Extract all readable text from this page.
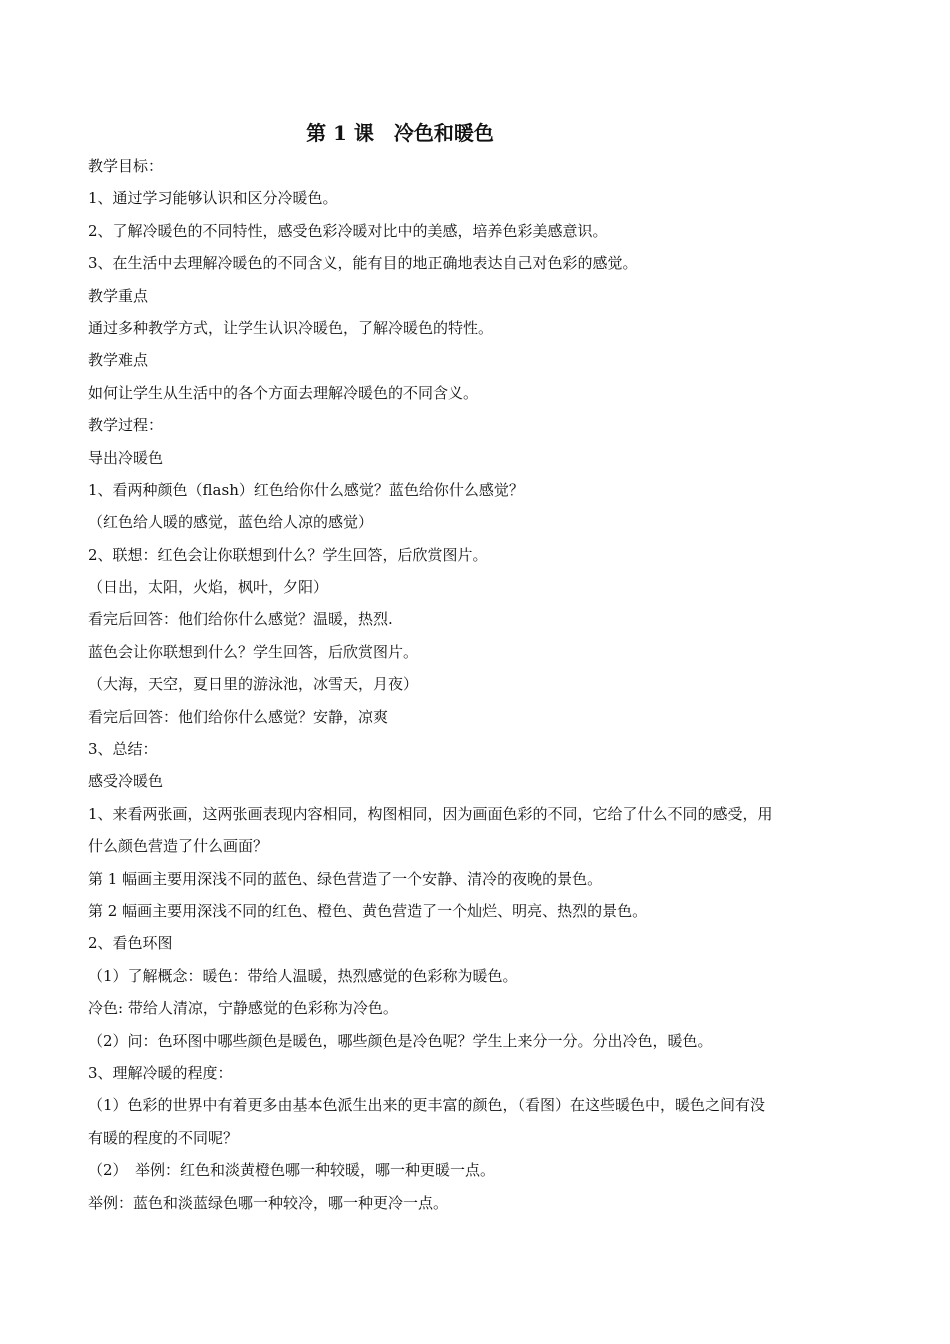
第 1 课　冷色和暖色

教学目标：

1、通过学习能够认识和区分冷暖色。

2、了解冷暖色的不同特性，感受色彩冷暖对比中的美感，培养色彩美感意识。

3、在生活中去理解冷暖色的不同含义，能有目的地正确地表达自己对色彩的感觉。

教学重点

通过多种教学方式，让学生认识冷暖色，了解冷暖色的特性。

教学难点

如何让学生从生活中的各个方面去理解冷暖色的不同含义。

教学过程：

导出冷暖色

1、看两种颜色（flash）红色给你什么感觉？蓝色给你什么感觉？

（红色给人暖的感觉，蓝色给人凉的感觉）

2、联想：红色会让你联想到什么？学生回答，后欣赏图片。

（日出，太阳，火焰，枫叶，夕阳）

看完后回答：他们给你什么感觉？温暖，热烈.

蓝色会让你联想到什么？学生回答，后欣赏图片。

（大海，天空，夏日里的游泳池，冰雪天，月夜）

看完后回答：他们给你什么感觉？安静，凉爽

3、总结：

感受冷暖色

1、来看两张画，这两张画表现内容相同，构图相同，因为画面色彩的不同，它给了什么不同的感受，用

什么颜色营造了什么画面？

第 1 幅画主要用深浅不同的蓝色、绿色营造了一个安静、清冷的夜晚的景色。

第 2 幅画主要用深浅不同的红色、橙色、黄色营造了一个灿烂、明亮、热烈的景色。

2、看色环图

（1）了解概念：暖色：带给人温暖，热烈感觉的色彩称为暖色。

冷色: 带给人清凉，宁静感觉的色彩称为冷色。

（2）问：色环图中哪些颜色是暖色，哪些颜色是冷色呢？学生上来分一分。分出冷色，暖色。

3、理解冷暖的程度：

（1）色彩的世界中有着更多由基本色派生出来的更丰富的颜色，（看图）在这些暖色中，暖色之间有没

有暖的程度的不同呢？

（2）　举例：红色和淡黄橙色哪一种较暖，哪一种更暖一点。

举例：蓝色和淡蓝绿色哪一种较冷，哪一种更冷一点。
